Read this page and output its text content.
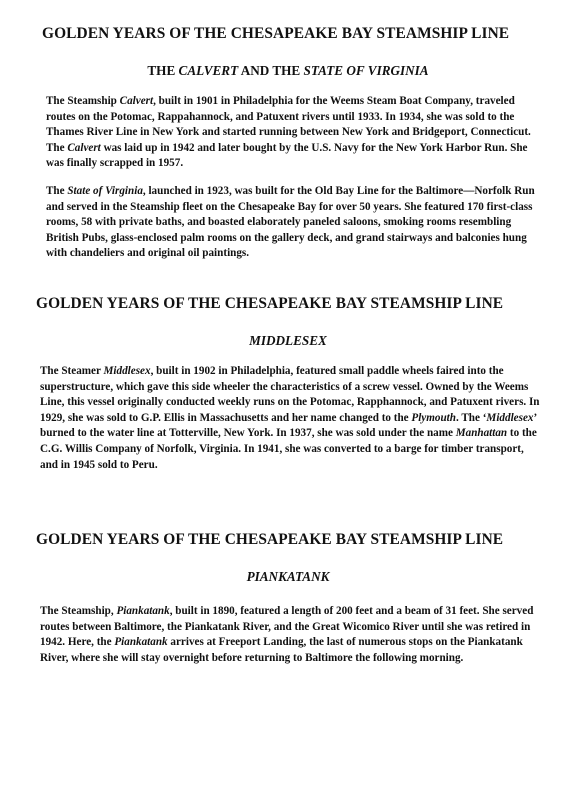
GOLDEN YEARS OF THE CHESAPEAKE BAY STEAMSHIP LINE
THE CALVERT AND THE STATE OF VIRGINIA

The Steamship Calvert, built in 1901 in Philadelphia for the Weems Steam Boat Company, traveled routes on the Potomac, Rappahannock, and Patuxent rivers until 1933. In 1934, she was sold to the Thames River Line in New York and started running between New York and Bridgeport, Connecticut. The Calvert was laid up in 1942 and later bought by the U.S. Navy for the New York Harbor Run. She was finally scrapped in 1957.

The State of Virginia, launched in 1923, was built for the Old Bay Line for the Baltimore—Norfolk Run and served in the Steamship fleet on the Chesapeake Bay for over 50 years. She featured 170 first-class rooms, 58 with private baths, and boasted elaborately paneled saloons, smoking rooms resembling British Pubs, glass-enclosed palm rooms on the gallery deck, and grand stairways and balconies hung with chandeliers and original oil paintings.

GOLDEN YEARS OF THE CHESAPEAKE BAY STEAMSHIP LINE
MIDDLESEX

The Steamer Middlesex, built in 1902 in Philadelphia, featured small paddle wheels faired into the superstructure, which gave this side wheeler the characteristics of a screw vessel. Owned by the Weems Line, this vessel originally conducted weekly runs on the Potomac, Rapphannock, and Patuxent rivers. In 1929, she was sold to G.P. Ellis in Massachusetts and her name changed to the Plymouth. The ‘Middlesex’ burned to the water line at Totterville, New York. In 1937, she was sold under the name Manhattan to the C.G. Willis Company of Norfolk, Virginia. In 1941, she was converted to a barge for timber transport, and in 1945 sold to Peru.

GOLDEN YEARS OF THE CHESAPEAKE BAY STEAMSHIP LINE
PIANKATANK

The Steamship, Piankatank, built in 1890, featured a length of 200 feet and a beam of 31 feet. She served routes between Baltimore, the Piankatank River, and the Great Wicomico River until she was retired in 1942. Here, the Piankatank arrives at Freeport Landing, the last of numerous stops on the Piankatank River, where she will stay overnight before returning to Baltimore the following morning.
